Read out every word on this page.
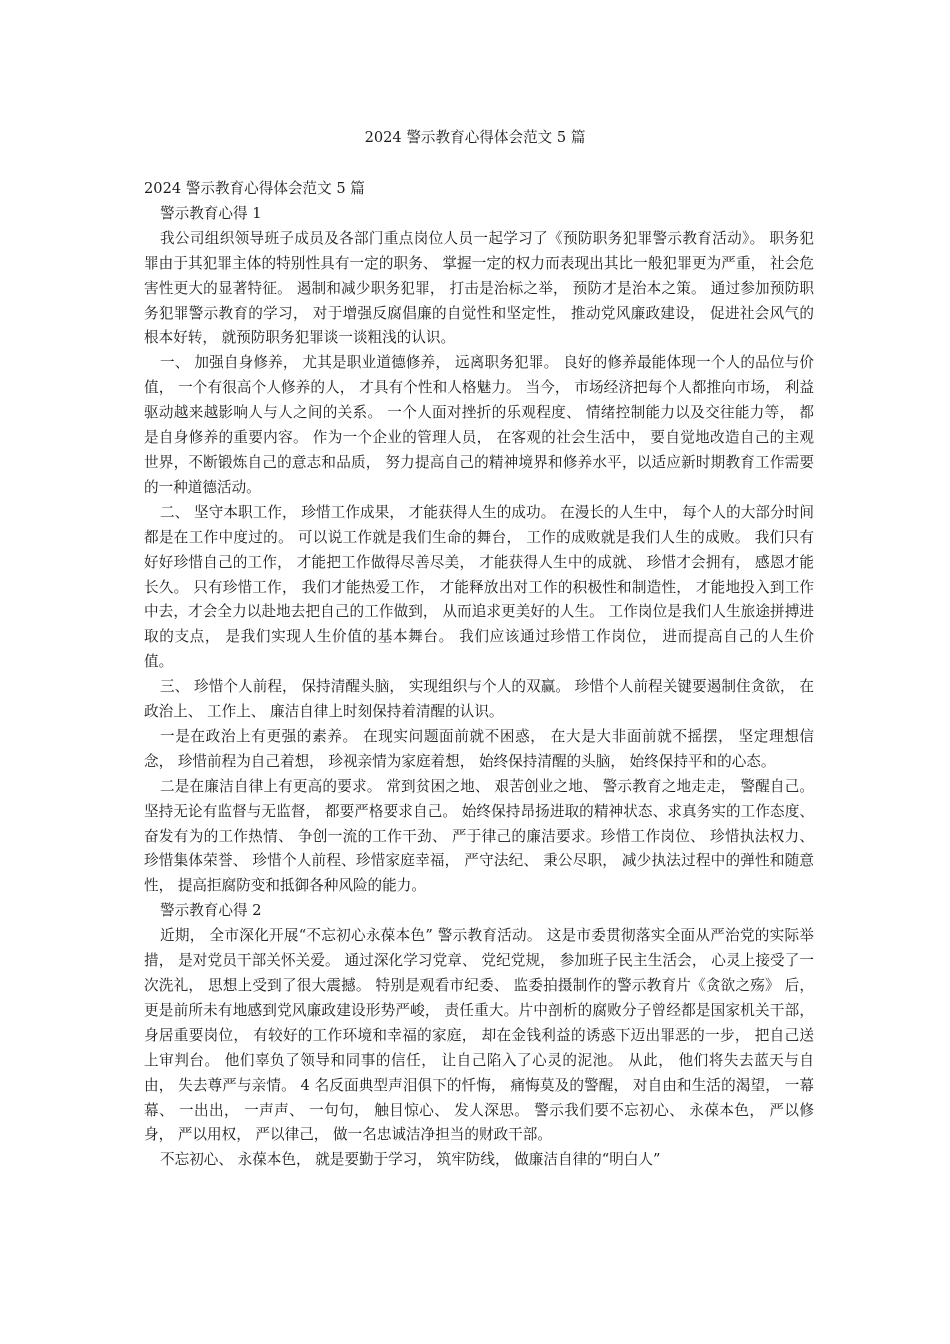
2024 警示教育心得体会范文 5 篇

2024 警示教育心得体会范文 5 篇

警示教育心得 1

我公司组织领导班子成员及各部门重点岗位人员一起学习了《预防职务犯罪警示教育活动》。 职务犯罪由于其犯罪主体的特别性具有一定的职务、 掌握一定的权力而表现出其比一般犯罪更为严重， 社会危害性更大的显著特征。 遏制和减少职务犯罪， 打击是治标之举， 预防才是治本之策。 通过参加预防职务犯罪警示教育的学习， 对于增强反腐倡廉的自觉性和坚定性， 推动党风廉政建设， 促进社会风气的根本好转， 就预防职务犯罪谈一谈粗浅的认识。

一、 加强自身修养， 尤其是职业道德修养， 远离职务犯罪。 良好的修养最能体现一个人的品位与价值， 一个有很高个人修养的人， 才具有个性和人格魅力。 当今， 市场经济把每个人都推向市场， 利益驱动越来越影响人与人之间的关系。 一个人面对挫折的乐观程度、 情绪控制能力以及交往能力等， 都是自身修养的重要内容。 作为一个企业的管理人员， 在客观的社会生活中， 要自觉地改造自己的主观世界，不断锻炼自己的意志和品质， 努力提高自己的精神境界和修养水平，以适应新时期教育工作需要的一种道德活动。

二、 坚守本职工作， 珍惜工作成果， 才能获得人生的成功。 在漫长的人生中， 每个人的大部分时间都是在工作中度过的。 可以说工作就是我们生命的舞台， 工作的成败就是我们人生的成败。 我们只有好好珍惜自己的工作， 才能把工作做得尽善尽美， 才能获得人生中的成就、 珍惜才会拥有， 感恩才能长久。 只有珍惜工作， 我们才能热爱工作， 才能释放出对工作的积极性和制造性， 才能地投入到工作中去，才会全力以赴地去把自己的工作做到， 从而追求更美好的人生。 工作岗位是我们人生旅途拼搏进取的支点， 是我们实现人生价值的基本舞台。 我们应该通过珍惜工作岗位， 进而提高自己的人生价值。

三、 珍惜个人前程， 保持清醒头脑， 实现组织与个人的双赢。 珍惜个人前程关键要遏制住贪欲， 在政治上、 工作上、 廉洁自律上时刻保持着清醒的认识。

一是在政治上有更强的素养。 在现实问题面前就不困惑， 在大是大非面前就不摇摆， 坚定理想信念， 珍惜前程为自己着想， 珍视亲情为家庭着想， 始终保持清醒的头脑， 始终保持平和的心态。

二是在廉洁自律上有更高的要求。 常到贫困之地、 艰苦创业之地、 警示教育之地走走， 警醒自己。 坚持无论有监督与无监督， 都要严格要求自己。 始终保持昂扬进取的精神状态、求真务实的工作态度、奋发有为的工作热情、 争创一流的工作干劲、 严于律己的廉洁要求。珍惜工作岗位、 珍惜执法权力、 珍惜集体荣誉、 珍惜个人前程、珍惜家庭幸福， 严守法纪、 秉公尽职， 减少执法过程中的弹性和随意性， 提高拒腐防变和抵御各种风险的能力。

警示教育心得 2

近期， 全市深化开展“不忘初心永葆本色” 警示教育活动。 这是市委贯彻落实全面从严治党的实际举措， 是对党员干部关怀关爱。 通过深化学习党章、 党纪党规， 参加班子民主生活会， 心灵上接受了一次洗礼， 思想上受到了很大震撼。 特别是观看市纪委、 监委拍摄制作的警示教育片《贪欲之殇》 后， 更是前所未有地感到党风廉政建设形势严峻， 责任重大。片中剖析的腐败分子曾经都是国家机关干部， 身居重要岗位， 有较好的工作环境和幸福的家庭， 却在金钱利益的诱惑下迈出罪恶的一步， 把自己送上审判台。 他们辜负了领导和同事的信任， 让自己陷入了心灵的泥池。 从此， 他们将失去蓝天与自由， 失去尊严与亲情。 4 名反面典型声泪俱下的忏悔， 痛悔莫及的警醒， 对自由和生活的渴望， 一幕幕、 一出出， 一声声、 一句句， 触目惊心、 发人深思。 警示我们要不忘初心、 永葆本色， 严以修身， 严以用权， 严以律己， 做一名忠诚洁净担当的财政干部。

不忘初心、 永葆本色， 就是要勤于学习， 筑牢防线， 做廉洁自律的“明白人”
